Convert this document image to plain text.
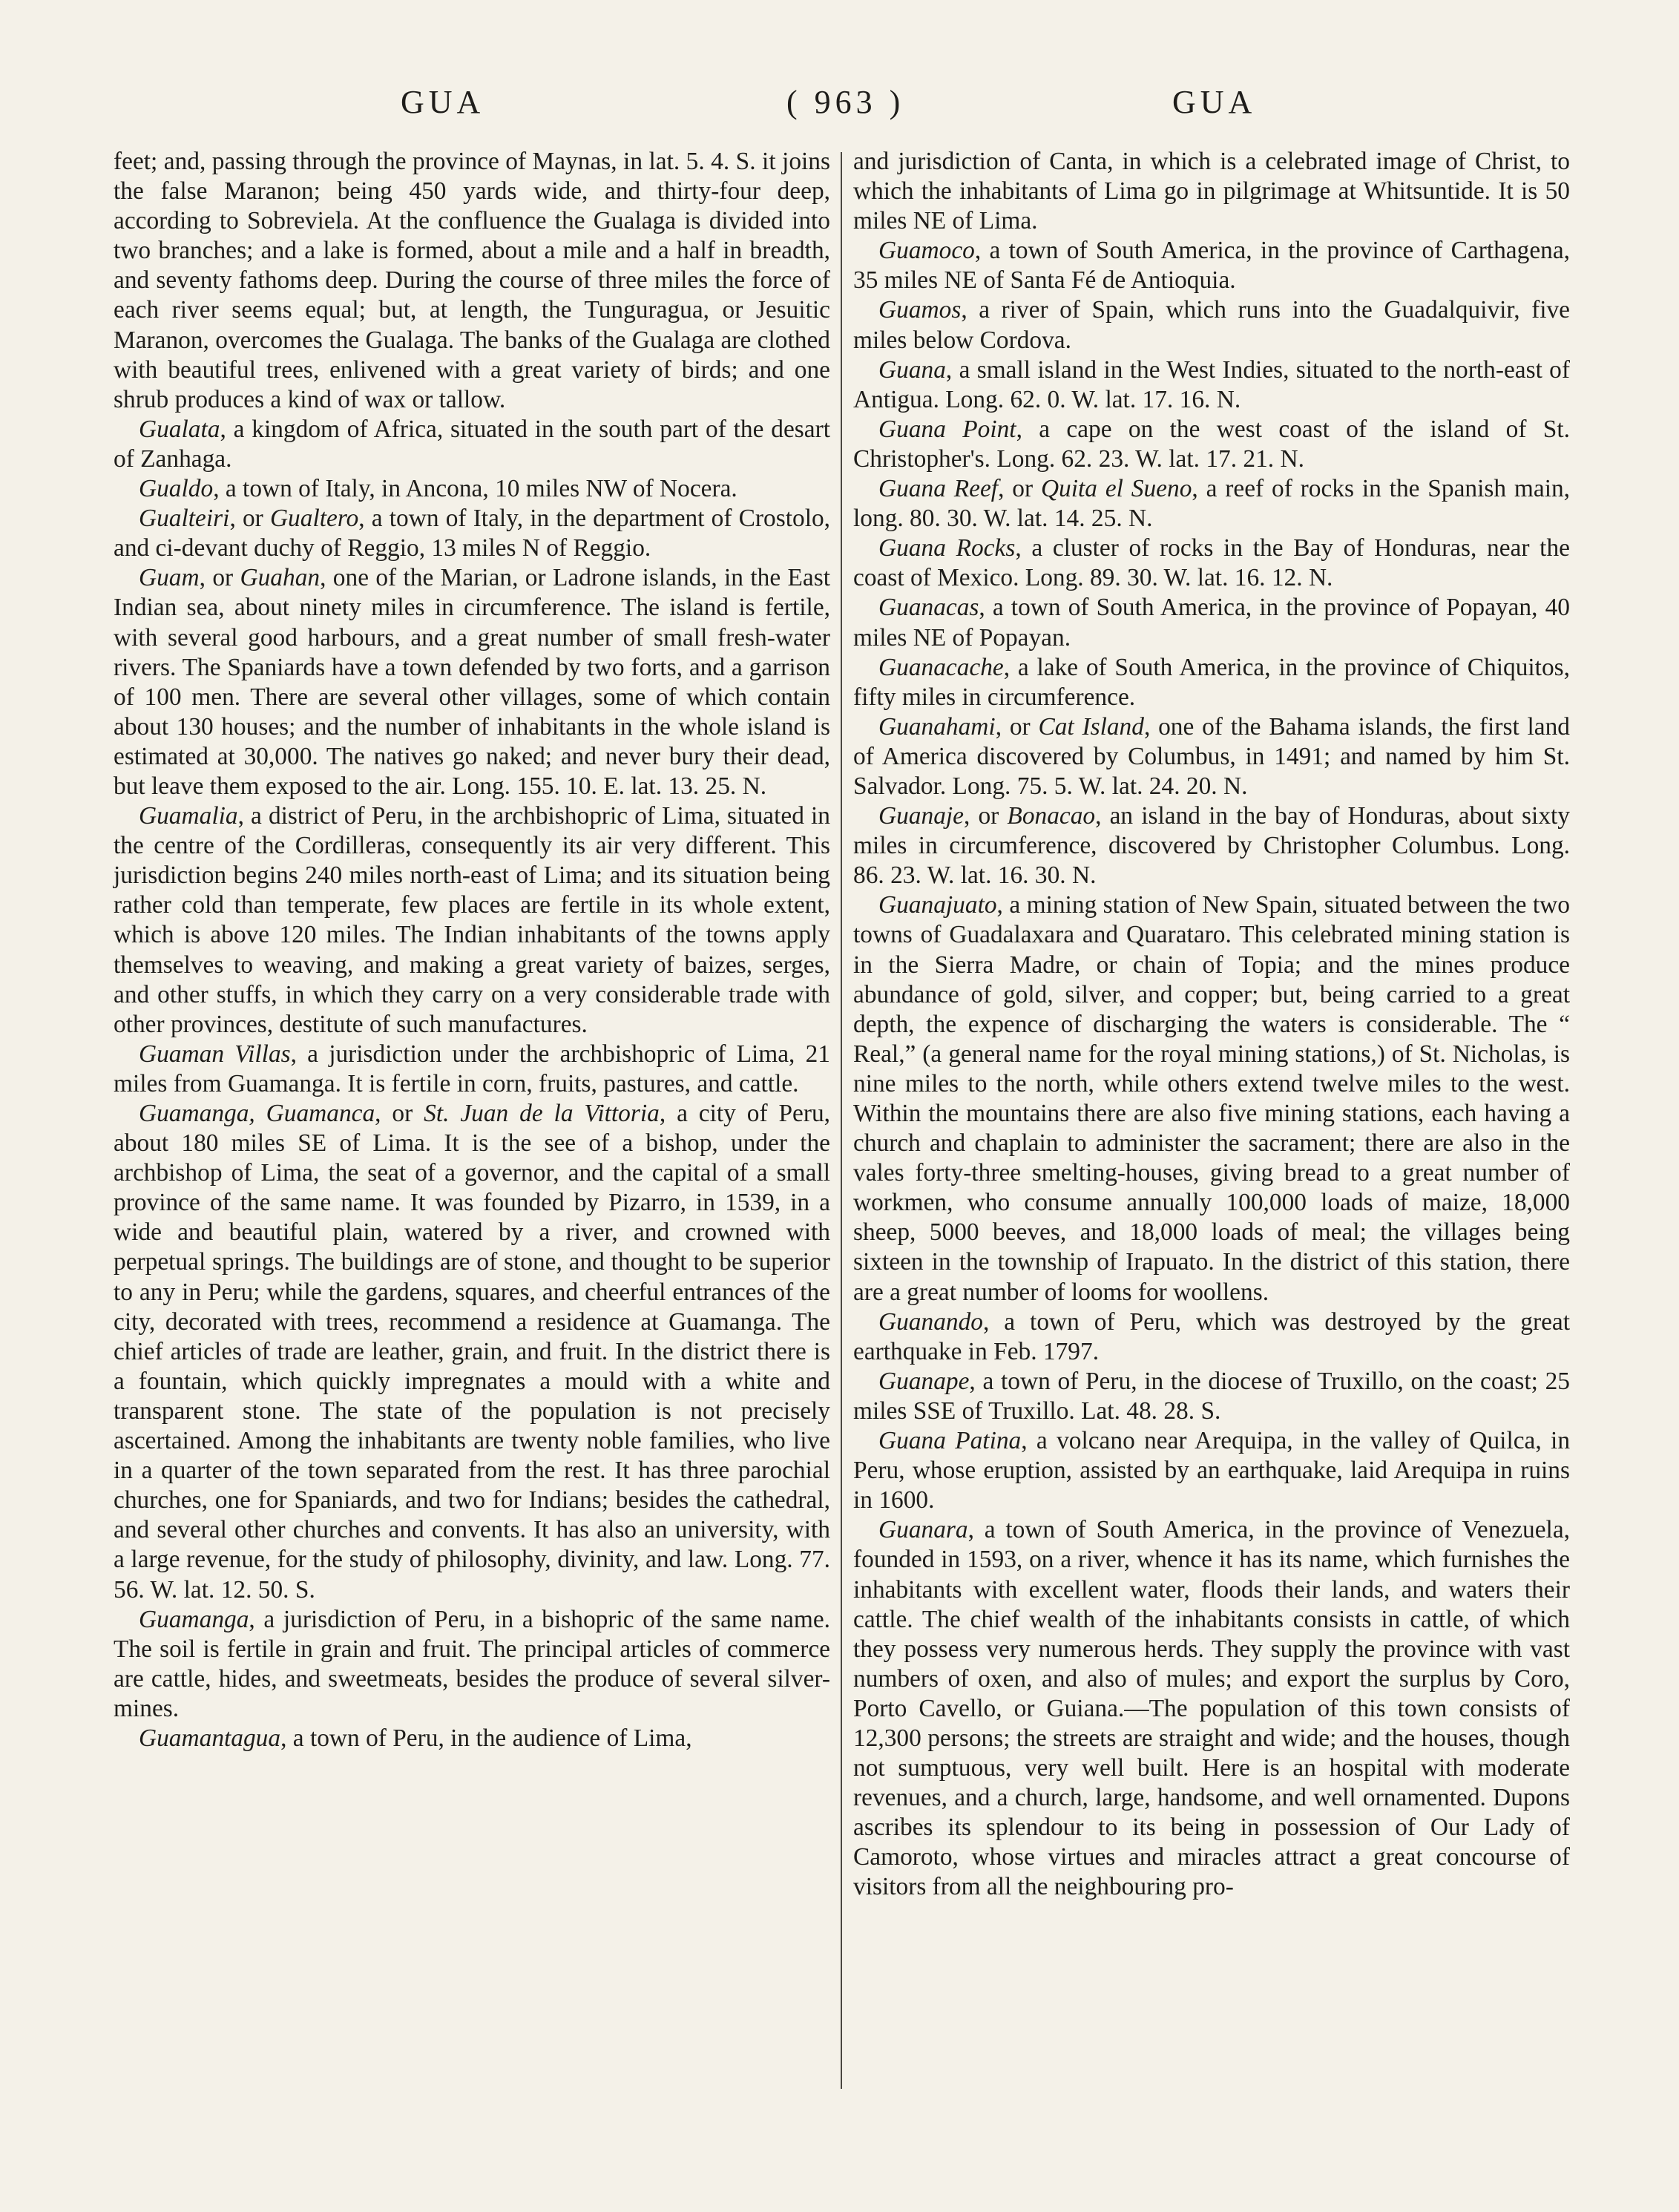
GUA	( 963 )	GUA

feet; and, passing through the province of Maynas, in lat. 5. 4. S. it joins the false Maranon; being 450 yards wide, and thirty-four deep, according to Sobreviela. At the confluence the Gualaga is divided into two branches; and a lake is formed, about a mile and a half in breadth, and seventy fathoms deep. During the course of three miles the force of each river seems equal; but, at length, the Tunguragua, or Jesuitic Maranon, overcomes the Gualaga. The banks of the Gualaga are clothed with beautiful trees, enlivened with a great variety of birds; and one shrub produces a kind of wax or tallow.

Gualata, a kingdom of Africa, situated in the south part of the desart of Zanhaga.

Gualdo, a town of Italy, in Ancona, 10 miles NW of Nocera.

Gualteiri, or Gualtero, a town of Italy, in the department of Crostolo, and ci-devant duchy of Reggio, 13 miles N of Reggio.

Guam, or Guahan, one of the Marian, or Ladrone islands, in the East Indian sea, about ninety miles in circumference. The island is fertile, with several good harbours, and a great number of small fresh-water rivers. The Spaniards have a town defended by two forts, and a garrison of 100 men. There are several other villages, some of which contain about 130 houses; and the number of inhabitants in the whole island is estimated at 30,000. The natives go naked; and never bury their dead, but leave them exposed to the air. Long. 155. 10. E. lat. 13. 25. N.

Guamalia, a district of Peru, in the archbishopric of Lima, situated in the centre of the Cordilleras, consequently its air very different. This jurisdiction begins 240 miles north-east of Lima; and its situation being rather cold than temperate, few places are fertile in its whole extent, which is above 120 miles. The Indian inhabitants of the towns apply themselves to weaving, and making a great variety of baizes, serges, and other stuffs, in which they carry on a very considerable trade with other provinces, destitute of such manufactures.

Guaman Villas, a jurisdiction under the archbishopric of Lima, 21 miles from Guamanga. It is fertile in corn, fruits, pastures, and cattle.

Guamanga, Guamanca, or St. Juan de la Vittoria, a city of Peru, about 180 miles SE of Lima. It is the see of a bishop, under the archbishop of Lima, the seat of a governor, and the capital of a small province of the same name. It was founded by Pizarro, in 1539, in a wide and beautiful plain, watered by a river, and crowned with perpetual springs. The buildings are of stone, and thought to be superior to any in Peru; while the gardens, squares, and cheerful entrances of the city, decorated with trees, recommend a residence at Guamanga. The chief articles of trade are leather, grain, and fruit. In the district there is a fountain, which quickly impregnates a mould with a white and transparent stone. The state of the population is not precisely ascertained. Among the inhabitants are twenty noble families, who live in a quarter of the town separated from the rest. It has three parochial churches, one for Spaniards, and two for Indians; besides the cathedral, and several other churches and convents. It has also an university, with a large revenue, for the study of philosophy, divinity, and law. Long. 77. 56. W. lat. 12. 50. S.

Guamanga, a jurisdiction of Peru, in a bishopric of the same name. The soil is fertile in grain and fruit. The principal articles of commerce are cattle, hides, and sweetmeats, besides the produce of several silver-mines.

Guamantagua, a town of Peru, in the audience of Lima,

and jurisdiction of Canta, in which is a celebrated image of Christ, to which the inhabitants of Lima go in pilgrimage at Whitsuntide. It is 50 miles NE of Lima.

Guamoco, a town of South America, in the province of Carthagena, 35 miles NE of Santa Fé de Antioquia.

Guamos, a river of Spain, which runs into the Guadalquivir, five miles below Cordova.

Guana, a small island in the West Indies, situated to the north-east of Antigua. Long. 62. 0. W. lat. 17. 16. N.

Guana Point, a cape on the west coast of the island of St. Christopher's. Long. 62. 23. W. lat. 17. 21. N.

Guana Reef, or Quita el Sueno, a reef of rocks in the Spanish main, long. 80. 30. W. lat. 14. 25. N.

Guana Rocks, a cluster of rocks in the Bay of Honduras, near the coast of Mexico. Long. 89. 30. W. lat. 16. 12. N.

Guanacas, a town of South America, in the province of Popayan, 40 miles NE of Popayan.

Guanacache, a lake of South America, in the province of Chiquitos, fifty miles in circumference.

Guanahami, or Cat Island, one of the Bahama islands, the first land of America discovered by Columbus, in 1491; and named by him St. Salvador. Long. 75. 5. W. lat. 24. 20. N.

Guanaje, or Bonacao, an island in the bay of Honduras, about sixty miles in circumference, discovered by Christopher Columbus. Long. 86. 23. W. lat. 16. 30. N.

Guanajuato, a mining station of New Spain, situated between the two towns of Guadalaxara and Quarataro. This celebrated mining station is in the Sierra Madre, or chain of Topia; and the mines produce abundance of gold, silver, and copper; but, being carried to a great depth, the expence of discharging the waters is considerable. The “ Real,” (a general name for the royal mining stations,) of St. Nicholas, is nine miles to the north, while others extend twelve miles to the west. Within the mountains there are also five mining stations, each having a church and chaplain to administer the sacrament; there are also in the vales forty-three smelting-houses, giving bread to a great number of workmen, who consume annually 100,000 loads of maize, 18,000 sheep, 5000 beeves, and 18,000 loads of meal; the villages being sixteen in the township of Irapuato. In the district of this station, there are a great number of looms for woollens.

Guanando, a town of Peru, which was destroyed by the great earthquake in Feb. 1797.

Guanape, a town of Peru, in the diocese of Truxillo, on the coast; 25 miles SSE of Truxillo. Lat. 48. 28. S.

Guana Patina, a volcano near Arequipa, in the valley of Quilca, in Peru, whose eruption, assisted by an earthquake, laid Arequipa in ruins in 1600.

Guanara, a town of South America, in the province of Venezuela, founded in 1593, on a river, whence it has its name, which furnishes the inhabitants with excellent water, floods their lands, and waters their cattle. The chief wealth of the inhabitants consists in cattle, of which they possess very numerous herds. They supply the province with vast numbers of oxen, and also of mules; and export the surplus by Coro, Porto Cavello, or Guiana.—The population of this town consists of 12,300 persons; the streets are straight and wide; and the houses, though not sumptuous, very well built. Here is an hospital with moderate revenues, and a church, large, handsome, and well ornamented. Dupons ascribes its splendour to its being in possession of Our Lady of Camoroto, whose virtues and miracles attract a great concourse of visitors from all the neighbouring pro-
